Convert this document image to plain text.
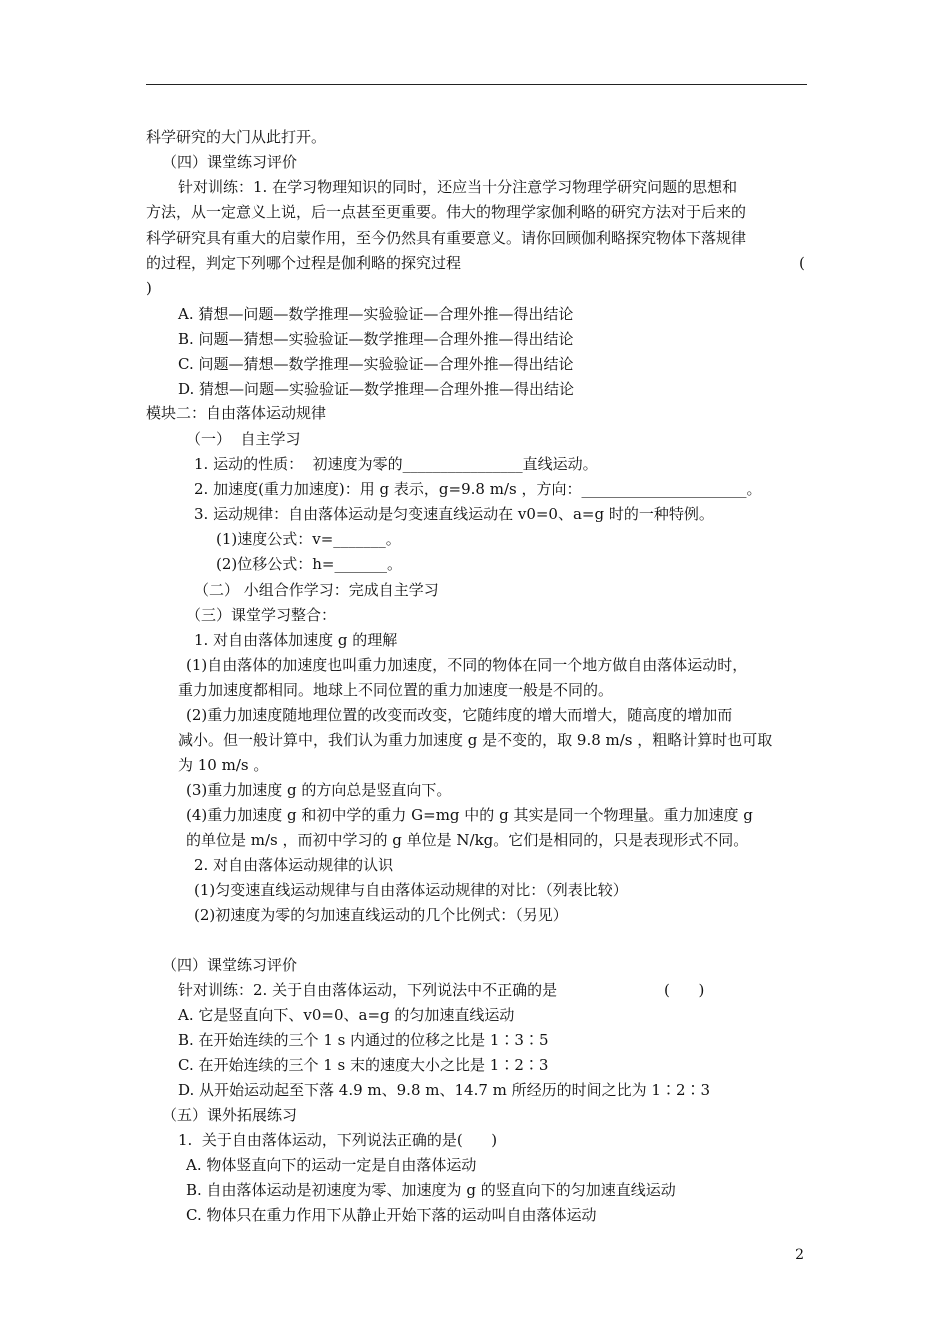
科学研究的大门从此打开。
（四）课堂练习评价
针对训练：1. 在学习物理知识的同时，还应当十分注意学习物理学研究问题的思想和
方法，从一定意义上说，后一点甚至更重要。伟大的物理学家伽利略的研究方法对于后来的
科学研究具有重大的启蒙作用，至今仍然具有重要意义。请你回顾伽利略探究物体下落规律
的过程，判定下列哪个过程是伽利略的探究过程	(
)
A. 猜想—问题—数学推理—实验验证—合理外推—得出结论
B. 问题—猜想—实验验证—数学推理—合理外推—得出结论
C. 问题—猜想—数学推理—实验验证—合理外推—得出结论
D. 猜想—问题—实验验证—数学推理—合理外推—得出结论
模块二：自由落体运动规律
（一）  自主学习
1. 运动的性质：  初速度为零的________________直线运动。
2. 加速度(重力加速度)：用 g 表示，g=9.8 m/s ，方向：______________________。
3. 运动规律：自由落体运动是匀变速直线运动在 v0=0、a=g 时的一种特例。
(1)速度公式：v=_______。
(2)位移公式：h=_______。
（二） 小组合作学习：完成自主学习
（三）课堂学习整合：
1. 对自由落体加速度 g 的理解
(1)自由落体的加速度也叫重力加速度，不同的物体在同一个地方做自由落体运动时，
重力加速度都相同。地球上不同位置的重力加速度一般是不同的。
(2)重力加速度随地理位置的改变而改变，它随纬度的增大而增大，随高度的增加而
减小。但一般计算中，我们认为重力加速度 g 是不变的，取 9.8 m/s ，粗略计算时也可取
为 10 m/s 。
(3)重力加速度 g 的方向总是竖直向下。
(4)重力加速度 g 和初中学的重力 G=mg 中的 g 其实是同一个物理量。重力加速度 g
的单位是 m/s ，而初中学习的 g 单位是 N/kg。它们是相同的，只是表现形式不同。
2. 对自由落体运动规律的认识
(1)匀变速直线运动规律与自由落体运动规律的对比：（列表比较）
(2)初速度为零的匀加速直线运动的几个比例式：（另见）
（四）课堂练习评价
针对训练：2. 关于自由落体运动，下列说法中不正确的是	(      )
A. 它是竖直向下、v0=0、a=g 的匀加速直线运动
B. 在开始连续的三个 1 s 内通过的位移之比是 1∶3∶5
C. 在开始连续的三个 1 s 末的速度大小之比是 1∶2∶3
D. 从开始运动起至下落 4.9 m、9.8 m、14.7 m 所经历的时间之比为 1∶2∶3
（五）课外拓展练习
1.  关于自由落体运动，下列说法正确的是(      )
A. 物体竖直向下的运动一定是自由落体运动
B. 自由落体运动是初速度为零、加速度为 g 的竖直向下的匀加速直线运动
C. 物体只在重力作用下从静止开始下落的运动叫自由落体运动
2
